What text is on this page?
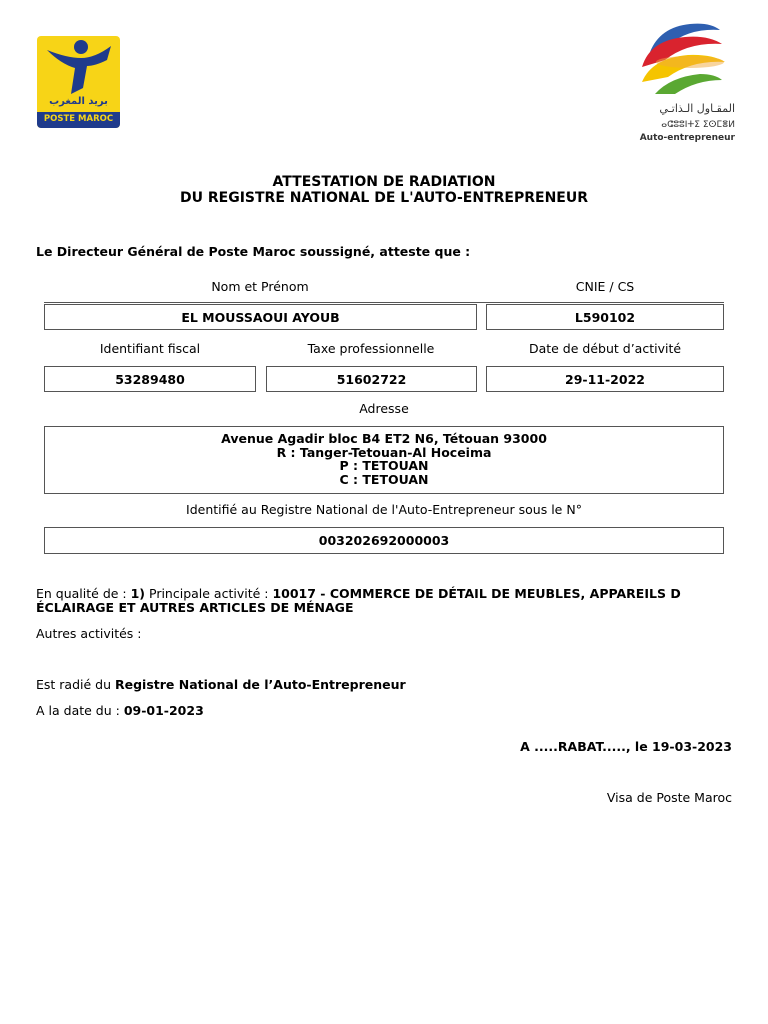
بريد المغرب
POSTE MAROC
المقـاول الـذاتـي
ⴰⵛⵓⵓⵏⵜⵉ ⵉⵙⵎⴻⵍ
Auto-entrepreneur
ATTESTATION DE RADIATION
DU REGISTRE NATIONAL DE L'AUTO-ENTREPRENEUR
Le Directeur Général de Poste Maroc soussigné, atteste que :
Nom et Prénom	CNIE / CS
EL MOUSSAOUI AYOUB	L590102
Identifiant fiscal	Taxe professionnelle	Date de début d’activité
53289480	51602722	29-11-2022
Adresse
Avenue Agadir bloc B4 ET2 N6, Tétouan 93000
R : Tanger-Tetouan-Al Hoceima
P : TETOUAN
C : TETOUAN
Identifié au Registre National de l'Auto-Entrepreneur sous le N°
003202692000003
En qualité de : 1) Principale activité : 10017 - COMMERCE DE DÉTAIL DE MEUBLES, APPAREILS D ÉCLAIRAGE ET AUTRES ARTICLES DE MÉNAGE
Autres activités :
Est radié du Registre National de l’Auto-Entrepreneur
A la date du : 09-01-2023
A .....RABAT....., le 19-03-2023
Visa de Poste Maroc
